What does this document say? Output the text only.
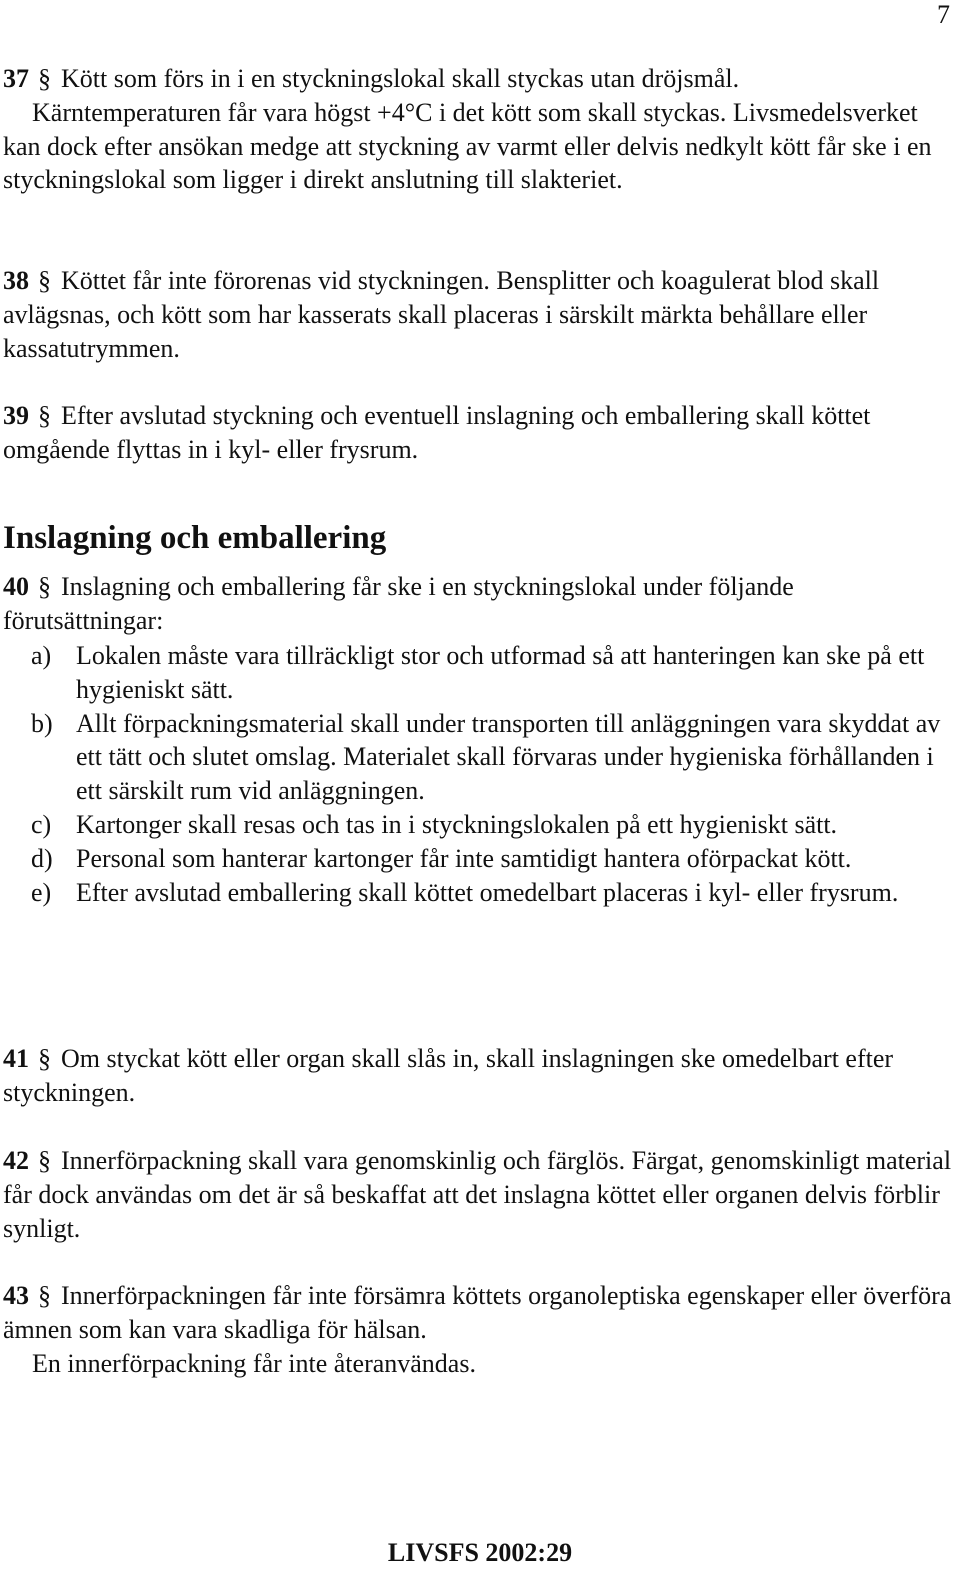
7

37 § Kött som förs in i en styckningslokal skall styckas utan dröjsmål.
Kärntemperaturen får vara högst +4°C i det kött som skall styckas. Livsmedelsverket kan dock efter ansökan medge att styckning av varmt eller delvis nedkylt kött får ske i en styckningslokal som ligger i direkt anslutning till slakteriet.

38 § Köttet får inte förorenas vid styckningen. Bensplitter och koagulerat blod skall avlägsnas, och kött som har kasserats skall placeras i särskilt märkta behållare eller kassatutrymmen.

39 § Efter avslutad styckning och eventuell inslagning och emballering skall köttet omgående flyttas in i kyl- eller frysrum.

Inslagning och emballering

40 § Inslagning och emballering får ske i en styckningslokal under följande förutsättningar:

a) Lokalen måste vara tillräckligt stor och utformad så att hanteringen kan ske på ett hygieniskt sätt.
b) Allt förpackningsmaterial skall under transporten till anläggningen vara skyddat av ett tätt och slutet omslag. Materialet skall förvaras under hygieniska förhållanden i ett särskilt rum vid anläggningen.
c) Kartonger skall resas och tas in i styckningslokalen på ett hygieniskt sätt.
d) Personal som hanterar kartonger får inte samtidigt hantera oförpackat kött.
e) Efter avslutad emballering skall köttet omedelbart placeras i kyl- eller frysrum.

41 § Om styckat kött eller organ skall slås in, skall inslagningen ske omedelbart efter styckningen.

42 § Innerförpackning skall vara genomskinlig och färglös. Färgat, genomskinligt material får dock användas om det är så beskaffat att det inslagna köttet eller organen delvis förblir synligt.

43 § Innerförpackningen får inte försämra köttets organoleptiska egenskaper eller överföra ämnen som kan vara skadliga för hälsan.
En innerförpackning får inte återanvändas.

LIVSFS 2002:29
